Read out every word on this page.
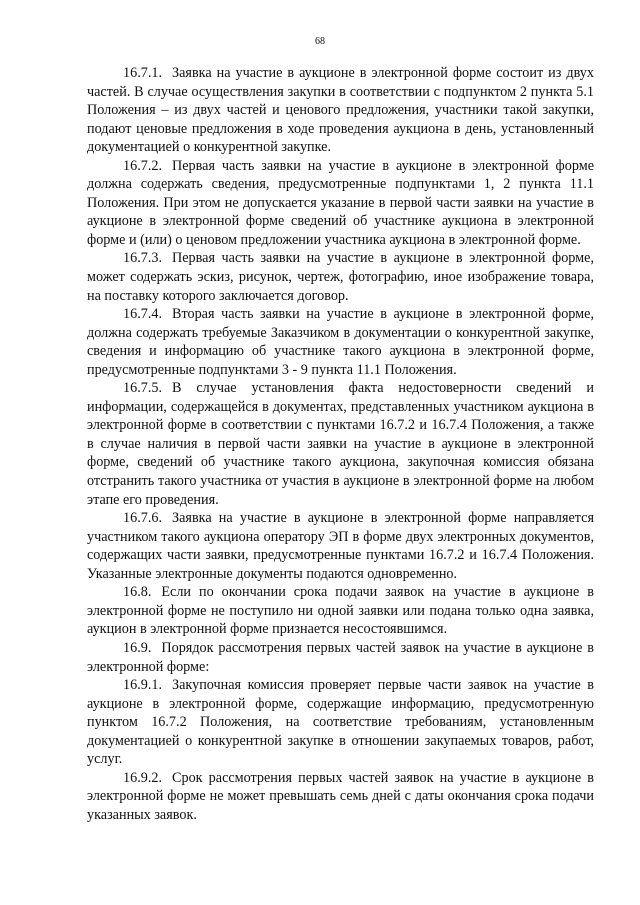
68

16.7.1. Заявка на участие в аукционе в электронной форме состоит из двух частей. В случае осуществления закупки в соответствии с подпунктом 2 пункта 5.1 Положения – из двух частей и ценового предложения, участники такой закупки, подают ценовые предложения в ходе проведения аукциона в день, установленный документацией о конкурентной закупке.

16.7.2. Первая часть заявки на участие в аукционе в электронной форме должна содержать сведения, предусмотренные подпунктами 1, 2 пункта 11.1 Положения. При этом не допускается указание в первой части заявки на участие в аукционе в электронной форме сведений об участнике аукциона в электронной форме и (или) о ценовом предложении участника аукциона в электронной форме.

16.7.3. Первая часть заявки на участие в аукционе в электронной форме, может содержать эскиз, рисунок, чертеж, фотографию, иное изображение товара, на поставку которого заключается договор.

16.7.4. Вторая часть заявки на участие в аукционе в электронной форме, должна содержать требуемые Заказчиком в документации о конкурентной закупке, сведения и информацию об участнике такого аукциона в электронной форме, предусмотренные подпунктами 3 - 9 пункта 11.1 Положения.

16.7.5. В случае установления факта недостоверности сведений и информации, содержащейся в документах, представленных участником аукциона в электронной форме в соответствии с пунктами 16.7.2 и 16.7.4 Положения, а также в случае наличия в первой части заявки на участие в аукционе в электронной форме, сведений об участнике такого аукциона, закупочная комиссия обязана отстранить такого участника от участия в аукционе в электронной форме на любом этапе его проведения.

16.7.6. Заявка на участие в аукционе в электронной форме направляется участником такого аукциона оператору ЭП в форме двух электронных документов, содержащих части заявки, предусмотренные пунктами 16.7.2 и 16.7.4 Положения. Указанные электронные документы подаются одновременно.

16.8. Если по окончании срока подачи заявок на участие в аукционе в электронной форме не поступило ни одной заявки или подана только одна заявка, аукцион в электронной форме признается несостоявшимся.

16.9. Порядок рассмотрения первых частей заявок на участие в аукционе в электронной форме:

16.9.1. Закупочная комиссия проверяет первые части заявок на участие в аукционе в электронной форме, содержащие информацию, предусмотренную пунктом 16.7.2 Положения, на соответствие требованиям, установленным документацией о конкурентной закупке в отношении закупаемых товаров, работ, услуг.

16.9.2. Срок рассмотрения первых частей заявок на участие в аукционе в электронной форме не может превышать семь дней с даты окончания срока подачи указанных заявок.
